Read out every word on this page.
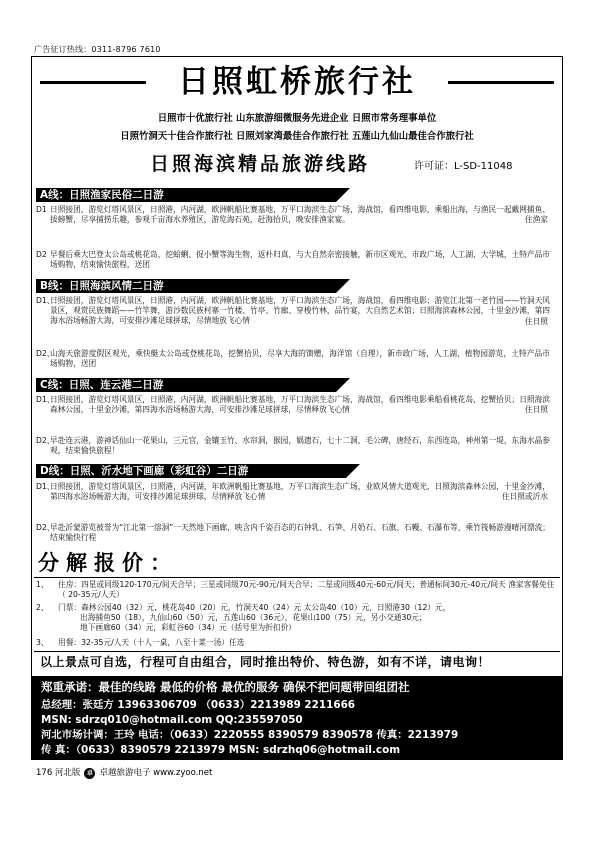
广告征订热线：0311-8796 7610
日照虹桥旅行社
日照市十优旅行社 山东旅游细微服务先进企业 日照市常务理事单位
日照竹洞天十佳合作旅行社 日照刘家湾最佳合作旅行社 五莲山九仙山最佳合作旅行社
日照海滨精品旅游线路	许可证：L-SD-11048
A线：日照渔家民俗二日游
D1 日照接团，游览灯塔风景区，日照港，内河湖，欧洲帆船比赛基地，万平口海滨生态广场，海战馆，看四维电影，乘船出海，与渔民一起戴网捕鱼、拔螃蟹，尽享捕捞乐趣，参观千亩海水养殖区，游览海石苑，赶海拾贝，晚安排渔家宴。	住渔家
D2 早餐后乘大巴登太公岛或桃花岛，挖蛤蜊、捉小蟹等海生物，返朴归真，与大自然亲密接触，新市区观光，市政广场，人工湖，大学城，土特产品市场购物，结束愉快旅程，送团
B线：日照海滨风情二日游
D1、
日照接团，游览灯塔风景区，日照港，内河湖，欧洲帆船比赛基地，万平口海滨生态广场，海战馆，看四维电影；游览江北第一老竹园——竹洞天风景区，观赏民族舞蹈——竹竿舞，游沙数民族村寨一竹楼、竹亭、竹廊、穿梭竹林，品竹宴，大自然艺术馆；日照海滨森林公园，十里金沙滩，第四海水浴场畅游大海，可安排沙滩足球拼球，尽情地放飞心情	住日照
D2、
山海天旅游度假区观光，乘快艇太公岛或登桃花岛，挖蟹拾贝，尽享大海的馈赠，海洋馆（自理），新市政广场，人工湖，植物园游览，土特产品市场购物，送团
C线：日照、连云港二日游
D1、
日照接团，游览灯塔风景区，日照港，内河湖，欧洲帆船比赛基地，万平口海滨生态广场，海战馆，看四维电影乘船看桃花岛，挖蟹拾贝；日照海滨森林公园，十里金沙滩，第四海水浴场畅游大海，可安排沙滩足球拼球，尽情释放飞心情	住日照
D2、
早赴连云港，游神话仙山一花果山，三元宫，金镶玉竹、水帘洞，猴园，娲遗石，七十二洞，毛公碑，唐经石，东西连岛，神州第一堤，东海水晶参观，结束愉快旅程！
D线：日照、沂水地下画廊（彩虹谷）二日游
D1、
日照接团，游览灯塔风景区，日照港，内河湖，年欧洲帆船比赛基地，万平口海滨生态广场，业欧风情大道观光，日照海滨森林公园，十里金沙滩，第四海水浴场畅游大海，可安排沙滩足球拼球，尽情释放飞心情	住日照或沂水
D2、
早赴沂蒙游览被誉为“江北第一溶洞”一天然地下画廊，映含内千姿百态的石钟乳、石笋、月奶石、石旗、石幔、石瀑布等，乘竹筏畅游漫晴河漂流；结束愉快行程
分解报价：
1、 住房：四星或同级120-170元/间天合早；三星或同级70元-90元/间天合早；二星或同级40元-60元/间天；普通标间30元-40元/间天 渔家客餐免住（ 20-35元/人天）
2、 门票：森林公园40（32）元，桃花岛40（20）元，竹洞天40（24）元 太公岛40（10）元，日照港30（12）元，
出海捕鱼50（18），九仙山60（50）元，五莲山60（36元），花果山100（75）元，另小交通30元；
地下画廊60（34）元，彩虹谷60（34）元（括号里为折扣价）
3、 用餐：32-35元/人天（十人一桌，八至十菜一汤）任选
以上景点可自选，行程可自由组合，同时推出特价、特色游，如有不详，请电询！
郑重承诺：最佳的线路 最低的价格 最优的服务 确保不把问题带回组团社
总经理：张廷方 13963306709 （0633）2213989 2211666
MSN: sdrzq010@hotmail.com QQ:235597050
河北市场计调：王玲 电话：（0633）2220555 8390579 8390578 传真：2213979
传 真：（0633）8390579 2213979 MSN: sdrzhq06@hotmail.com
176 河北版	卓 卓越旅游电子 www.zyoo.net
